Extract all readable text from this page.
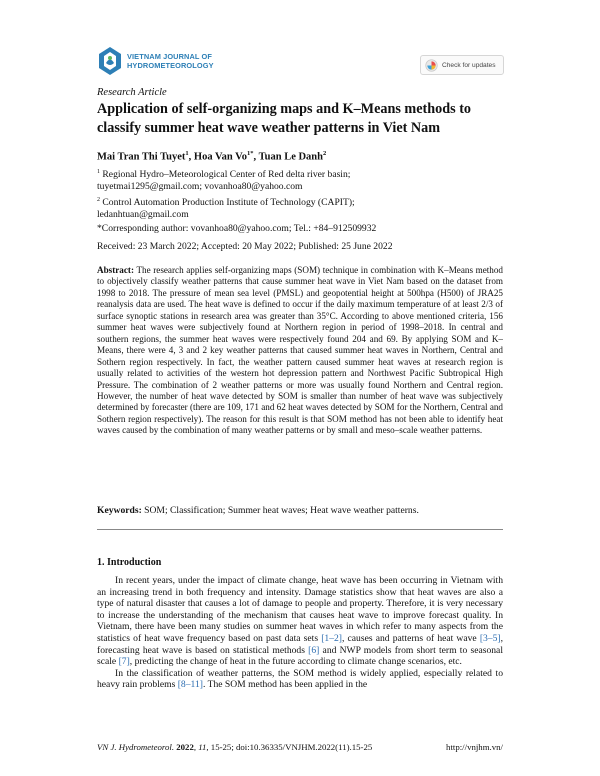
VIETNAM JOURNAL OF
HYDROMETEOROLOGY	Check for updates
Research Article
Application of self-organizing maps and K–Means methods to classify summer heat wave weather patterns in Viet Nam
Mai Tran Thi Tuyet$^1$, Hoa Van $Vo^{1*}$, Tuan Le Danh$^2$
$^1$ Regional Hydro–Meteorological Center of Red delta river basin;
tuyetmai1295@gmail.com; vovanhoa80@yahoo.com
$^2$ Control Automation Production Institute of Technology (CAPIT);
ledanhtuan@gmail.com
*Corresponding author: vovanhoa80@yahoo.com; Tel.: +84–912509932
Received: 23 March 2022; Accepted: 20 May 2022; Published: 25 June 2022
Abstract: The research applies self-organizing maps (SOM) technique in combination with K–Means method to objectively classify weather patterns that cause summer heat wave in Viet Nam based on the dataset from 1998 to 2018. The pressure of mean sea level (PMSL) and geopotential height at 500hpa (H500) of JRA25 reanalysis data are used. The heat wave is defined to occur if the daily maximum temperature of at least 2/3 of surface synoptic stations in research area was greater than 35°C. According to above mentioned criteria, 156 summer heat waves were subjectively found at Northern region in period of 1998–2018. In central and southern regions, the summer heat waves were respectively found 204 and 69. By applying SOM and K–Means, there were 4, 3 and 2 key weather patterns that caused summer heat waves in Northern, Central and Sothern region respectively. In fact, the weather pattern caused summer heat waves at research region is usually related to activities of the western hot depression pattern and Northwest Pacific Subtropical High Pressure. The combination of 2 weather patterns or more was usually found Northern and Central region. However, the number of heat wave detected by SOM is smaller than number of heat wave was subjectively determined by forecaster (there are 109, 171 and 62 heat waves detected by SOM for the Northern, Central and Sothern region respectively). The reason for this result is that SOM method has not been able to identify heat waves caused by the combination of many weather patterns or by small and meso–scale weather patterns.
Keywords: SOM; Classification; Summer heat waves; Heat wave weather patterns.
1. Introduction

In recent years, under the impact of climate change, heat wave has been occurring in Vietnam with an increasing trend in both frequency and intensity. Damage statistics show that heat waves are also a type of natural disaster that causes a lot of damage to people and property. Therefore, it is very necessary to increase the understanding of the mechanism that causes heat wave to improve forecast quality. In Vietnam, there have been many studies on summer heat waves in which refer to many aspects from the statistics of heat wave frequency based on past data sets [1–2], causes and patterns of heat wave [3–5], forecasting heat wave is based on statistical methods [6] and NWP models from short term to seasonal scale [7], predicting the change of heat in the future according to climate change scenarios, etc.

In the classification of weather patterns, the SOM method is widely applied, especially related to heavy rain problems [8–11]. The SOM method has been applied in the

VN J. Hydrometeorol. 2022, 11, 15-25; doi:10.36335/VNJHM.2022(11).15-25	http://vnjhm.vn/
